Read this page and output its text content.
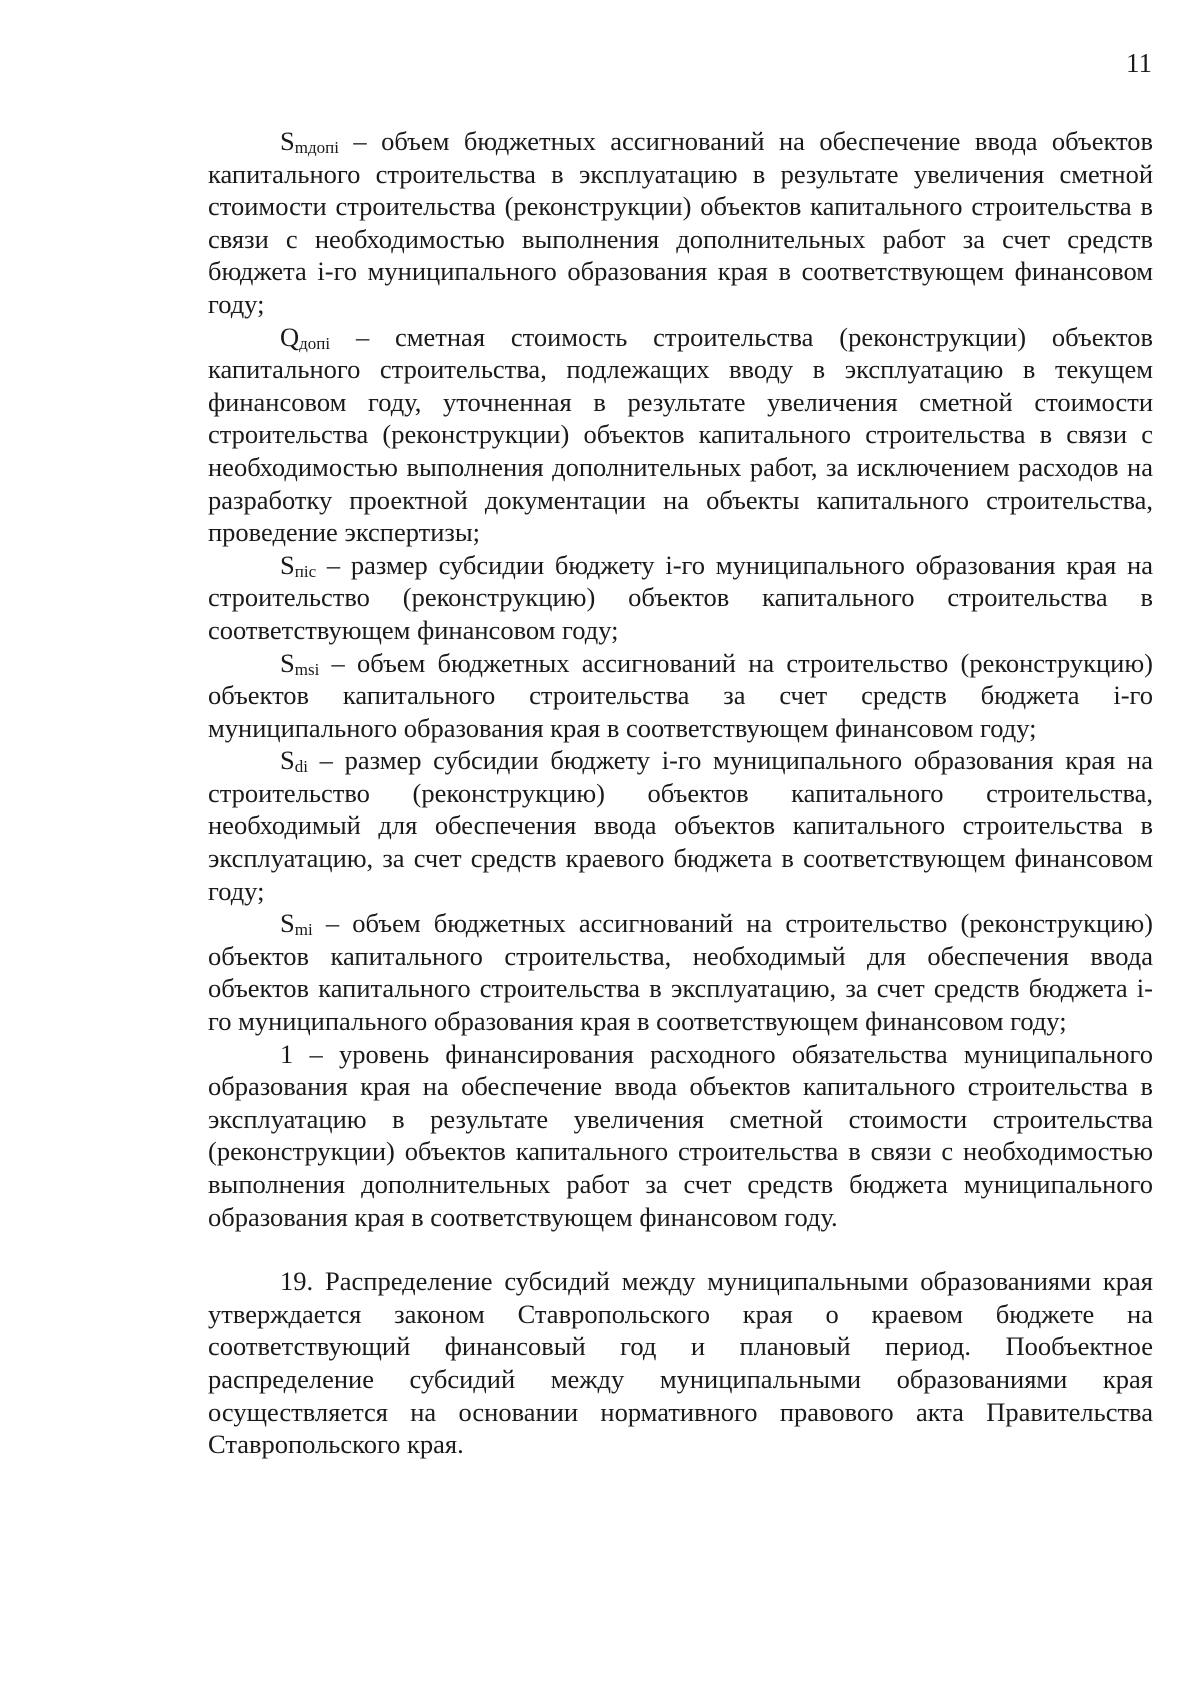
11

$S_{mдопi}$ – объем бюджетных ассигнований на обеспечение ввода объектов капитального строительства в эксплуатацию в результате увеличения сметной стоимости строительства (реконструкции) объектов капитального строительства в связи с необходимостью выполнения дополнительных работ за счет средств бюджета i-го муниципального образования края в соответствующем финансовом году;

$Q_{допi}$ – сметная стоимость строительства (реконструкции) объектов капитального строительства, подлежащих вводу в эксплуатацию в текущем финансовом году, уточненная в результате увеличения сметной стоимости строительства (реконструкции) объектов капитального строительства в связи с необходимостью выполнения дополнительных работ, за исключением расходов на разработку проектной документации на объекты капитального строительства, проведение экспертизы;

$S_{пic}$ – размер субсидии бюджету i-го муниципального образования края на строительство (реконструкцию) объектов капитального строительства в соответствующем финансовом году;

$S_{msi}$ – объем бюджетных ассигнований на строительство (реконструкцию) объектов капитального строительства за счет средств бюджета i-го муниципального образования края в соответствующем финансовом году;

$S_{di}$ – размер субсидии бюджету i-го муниципального образования края на строительство (реконструкцию) объектов капитального строительства, необходимый для обеспечения ввода объектов капитального строительства в эксплуатацию, за счет средств краевого бюджета в соответствующем финансовом году;

$S_{mi}$ – объем бюджетных ассигнований на строительство (реконструкцию) объектов капитального строительства, необходимый для обеспечения ввода объектов капитального строительства в эксплуатацию, за счет средств бюджета i-го муниципального образования края в соответствующем финансовом году;

1 – уровень финансирования расходного обязательства муниципального образования края на обеспечение ввода объектов капитального строительства в эксплуатацию в результате увеличения сметной стоимости строительства (реконструкции) объектов капитального строительства в связи с необходимостью выполнения дополнительных работ за счет средств бюджета муниципального образования края в соответствующем финансовом году.

19. Распределение субсидий между муниципальными образованиями края утверждается законом Ставропольского края о краевом бюджете на соответствующий финансовый год и плановый период. Пообъектное распределение субсидий между муниципальными образованиями края осуществляется на основании нормативного правового акта Правительства Ставропольского края.
